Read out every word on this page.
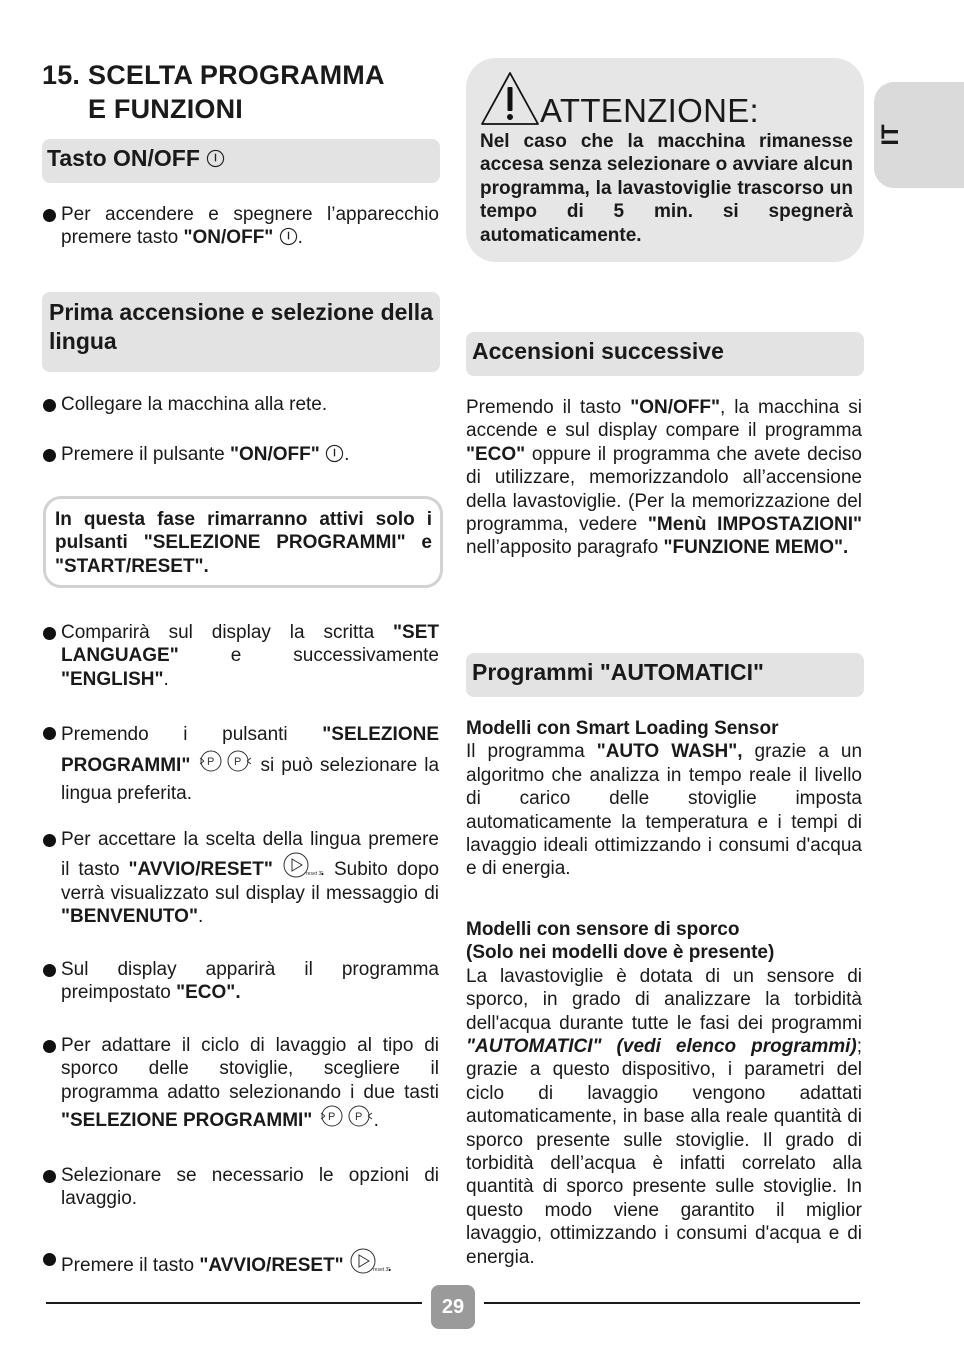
15. SCELTA PROGRAMMA
E FUNZIONI
Tasto ON/OFF
Per accendere e spegnere l’apparecchio premere tasto "ON/OFF" .
Prima accensione e selezione della lingua
Collegare la macchina alla rete.
Premere il pulsante "ON/OFF" .
In questa fase rimarranno attivi solo i pulsanti "SELEZIONE PROGRAMMI" e "START/RESET".
Comparirà sul display la scritta "SET LANGUAGE"	e successivamente "ENGLISH".
Premendo i pulsanti "SELEZIONE PROGRAMMI" P P si può selezionare la lingua preferita.
Per accettare la scelta della lingua premere il tasto "AVVIO/RESET"	reset 3"
. Subito dopo verrà visualizzato sul display il messaggio di "BENVENUTO".
Sul display apparirà il programma preimpostato "ECO".
Per adattare il ciclo di lavaggio al tipo di sporco delle stoviglie, scegliere il programma adatto selezionando i due tasti "SELEZIONE PROGRAMMI" P P .
Selezionare se necessario le opzioni di lavaggio.
Premere il tasto "AVVIO/RESET"	reset 3"
.
ATTENZIONE:
Nel caso che la macchina rimanesse accesa senza selezionare o avviare alcun programma, la lavastoviglie trascorso un tempo di 5 min. si spegnerà automaticamente.
IT
Accensioni successive
Premendo il tasto "ON/OFF", la macchina si accende e sul display compare il programma "ECO" oppure il programma che avete deciso di utilizzare, memorizzandolo all’accensione della lavastoviglie. (Per la memorizzazione del programma, vedere "Menù IMPOSTAZIONI" nell’apposito paragrafo "FUNZIONE MEMO".
Programmi "AUTOMATICI"
Modelli con Smart Loading Sensor
Il programma "AUTO WASH", grazie a un algoritmo che analizza in tempo reale il livello di carico delle stoviglie imposta automaticamente la temperatura e i tempi di lavaggio ideali ottimizzando i consumi d'acqua e di energia.
Modelli con sensore di sporco
(Solo nei modelli dove è presente)
La lavastoviglie è dotata di un sensore di sporco, in grado di analizzare la torbidità dell'acqua durante tutte le fasi dei programmi "AUTOMATICI" (vedi elenco programmi); grazie a questo dispositivo, i parametri del ciclo di lavaggio vengono adattati automaticamente, in base alla reale quantità di sporco presente sulle stoviglie. Il grado di torbidità dell’acqua è infatti correlato alla quantità di sporco presente sulle stoviglie. In questo modo viene garantito il miglior lavaggio, ottimizzando i consumi d'acqua e di energia.
29
